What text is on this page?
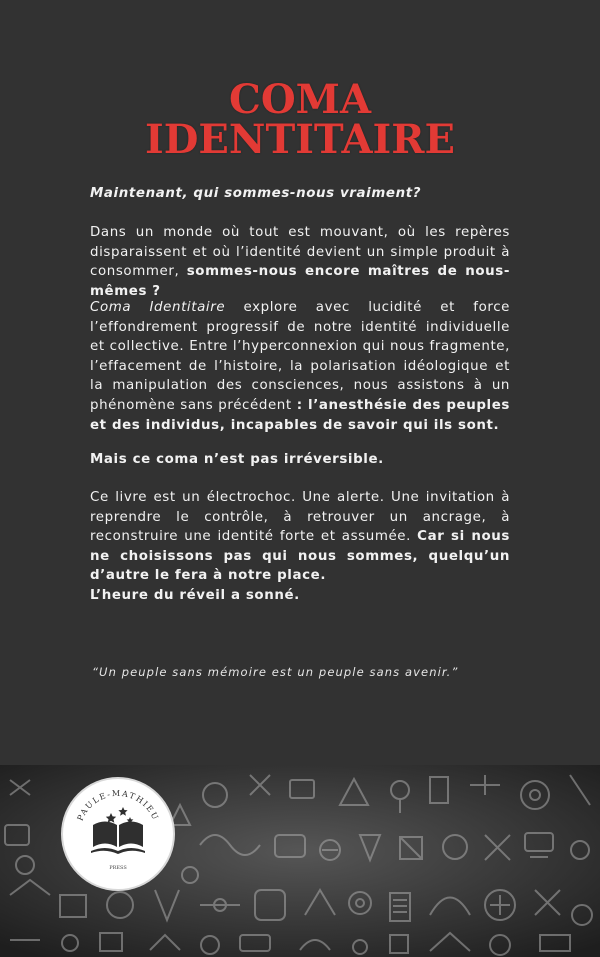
COMA
IDENTITAIRE
Maintenant, qui sommes-nous vraiment?
Dans un monde où tout est mouvant, où les repères disparaissent et où l’identité devient un simple produit à consommer, sommes-nous encore maîtres de nous-mêmes ?
Coma Identitaire explore avec lucidité et force l’effondrement progressif de notre identité individuelle et collective. Entre l’hyperconnexion qui nous fragmente, l’effacement de l’histoire, la polarisation idéologique et la manipulation des consciences, nous assistons à un phénomène sans précédent : l’anesthésie des peuples et des individus, incapables de savoir qui ils sont.
Mais ce coma n’est pas irréversible.
Ce livre est un électrochoc. Une alerte. Une invitation à reprendre le contrôle, à retrouver un ancrage, à reconstruire une identité forte et assumée. Car si nous ne choisissons pas qui nous sommes, quelqu’un d’autre le fera à notre place.
L’heure du réveil a sonné.
“Un peuple sans mémoire est un peuple sans avenir.”
PAULE-MATHIEU
PRESS
